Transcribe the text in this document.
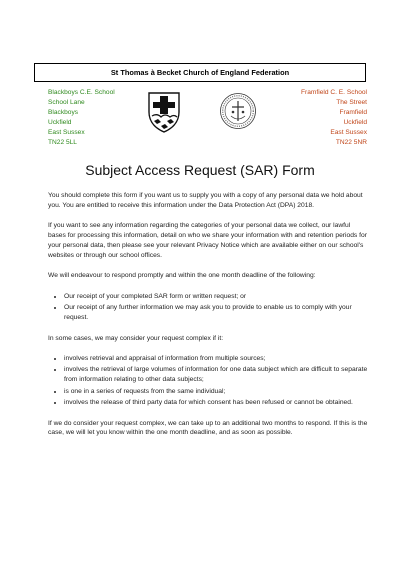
St Thomas à Becket Church of England Federation
Blackboys C.E. School
School Lane
Blackboys
Uckfield
East Sussex
TN22 5LL
Framfield C. E. School
The Street
Framfield
Uckfield
East Sussex
TN22 5NR
Subject Access Request (SAR) Form

You should complete this form if you want us to supply you with a copy of any personal data we hold about you. You are entitled to receive this information under the Data Protection Act (DPA) 2018.

If you want to see any information regarding the categories of your personal data we collect, our lawful bases for processing this information, detail on who we share your information with and retention periods for your personal data, then please see your relevant Privacy Notice which are available either on our school's websites or through our school offices.

We will endeavour to respond promptly and within the one month deadline of the following:

• Our receipt of your completed SAR form or written request; or
• Our receipt of any further information we may ask you to provide to enable us to comply with your request.

In some cases, we may consider your request complex if it:

• involves retrieval and appraisal of information from multiple sources;
• involves the retrieval of large volumes of information for one data subject which are difficult to separate from information relating to other data subjects;
• is one in a series of requests from the same individual;
• involves the release of third party data for which consent has been refused or cannot be obtained.

If we do consider your request complex, we can take up to an additional two months to respond. If this is the case, we will let you know within the one month deadline, and as soon as possible.
